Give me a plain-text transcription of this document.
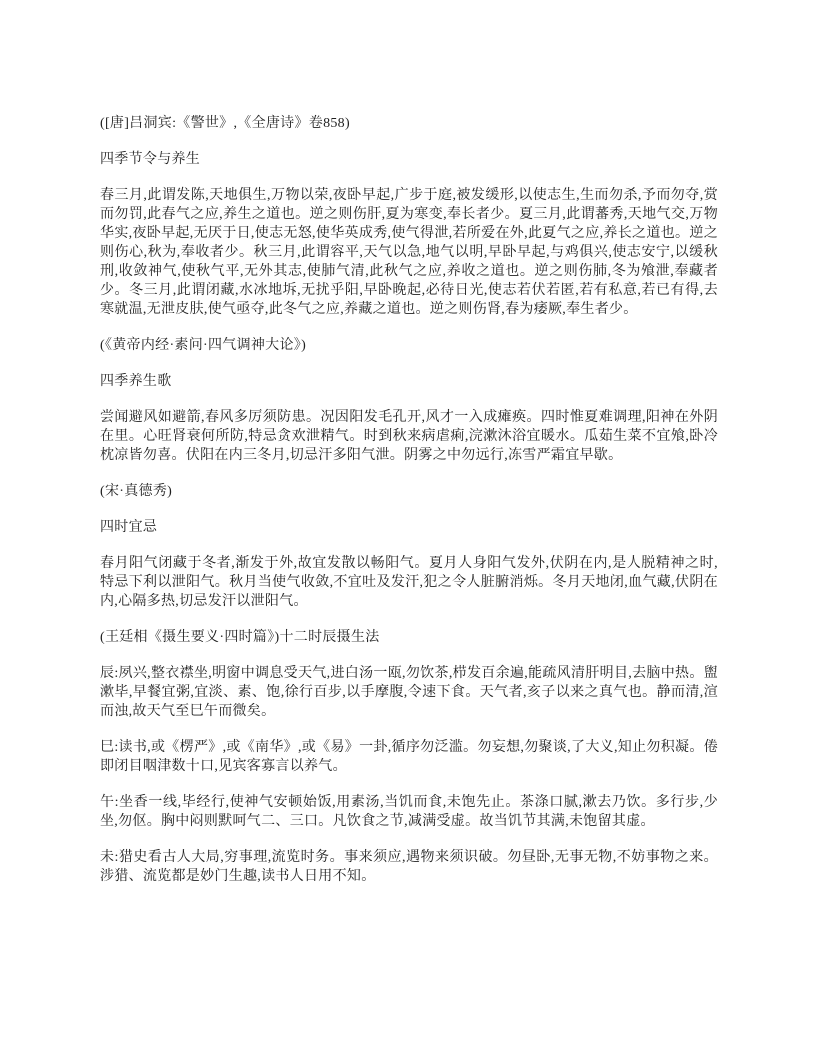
([唐]吕洞宾:《警世》,《全唐诗》卷858)

四季节令与养生

春三月,此谓发陈,天地俱生,万物以荣,夜卧早起,广步于庭,被发缓形,以使志生,生而勿杀,予而勿夺,赏而勿罚,此春气之应,养生之道也。逆之则伤肝,夏为寒变,奉长者少。夏三月,此谓蕃秀,天地气交,万物华实,夜卧早起,无厌于日,使志无怒,使华英成秀,使气得泄,若所爱在外,此夏气之应,养长之道也。逆之则伤心,秋为,奉收者少。秋三月,此谓容平,天气以急,地气以明,早卧早起,与鸡俱兴,使志安宁,以缓秋刑,收敛神气,使秋气平,无外其志,使肺气清,此秋气之应,养收之道也。逆之则伤肺,冬为飧泄,奉藏者少。冬三月,此谓闭藏,水冰地坼,无扰乎阳,早卧晚起,必待日光,使志若伏若匿,若有私意,若已有得,去寒就温,无泄皮肤,使气亟夺,此冬气之应,养藏之道也。逆之则伤肾,春为痿厥,奉生者少。

(《黄帝内经·素问·四气调神大论》)

四季养生歌

尝闻避风如避箭,春风多厉须防患。况因阳发毛孔开,风才一入成瘫痪。四时惟夏难调理,阳神在外阴在里。心旺肾衰何所防,特忌贪欢泄精气。时到秋来病虐痢,浣漱沐浴宜暖水。瓜茹生菜不宜飧,卧冷枕凉皆勿喜。伏阳在内三冬月,切忌汗多阳气泄。阴雾之中勿远行,冻雪严霜宜早歇。

(宋·真德秀)

四时宜忌

春月阳气闭藏于冬者,渐发于外,故宜发散以畅阳气。夏月人身阳气发外,伏阴在内,是人脱精神之时,特忌下利以泄阳气。秋月当使气收敛,不宜吐及发汗,犯之令人脏腑消烁。冬月天地闭,血气藏,伏阴在内,心隔多热,切忌发汗以泄阳气。

(王廷相《摄生要义·四时篇》)十二时辰摄生法

辰:夙兴,整衣襟坐,明窗中调息受天气,进白汤一瓯,勿饮茶,栉发百余遍,能疏风清肝明目,去脑中热。盥漱毕,早餐宜粥,宜淡、素、饱,徐行百步,以手摩腹,令速下食。天气者,亥子以来之真气也。静而清,渲而浊,故天气至巳午而微矣。

巳:读书,或《楞严》,或《南华》,或《易》一卦,循序勿泛滥。勿妄想,勿聚谈,了大义,知止勿积凝。倦即闭目咽津数十口,见宾客寡言以养气。

午:坐香一线,毕经行,使神气安顿始饭,用素汤,当饥而食,未饱先止。茶涤口腻,漱去乃饮。多行步,少坐,勿伛。胸中闷则默呵气二、三口。凡饮食之节,减满受虚。故当饥节其满,未饱留其虚。

未:猎史看古人大局,穷事理,流览时务。事来须应,遇物来须识破。勿昼卧,无事无物,不妨事物之来。涉猎、流览都是妙门生趣,读书人日用不知。
